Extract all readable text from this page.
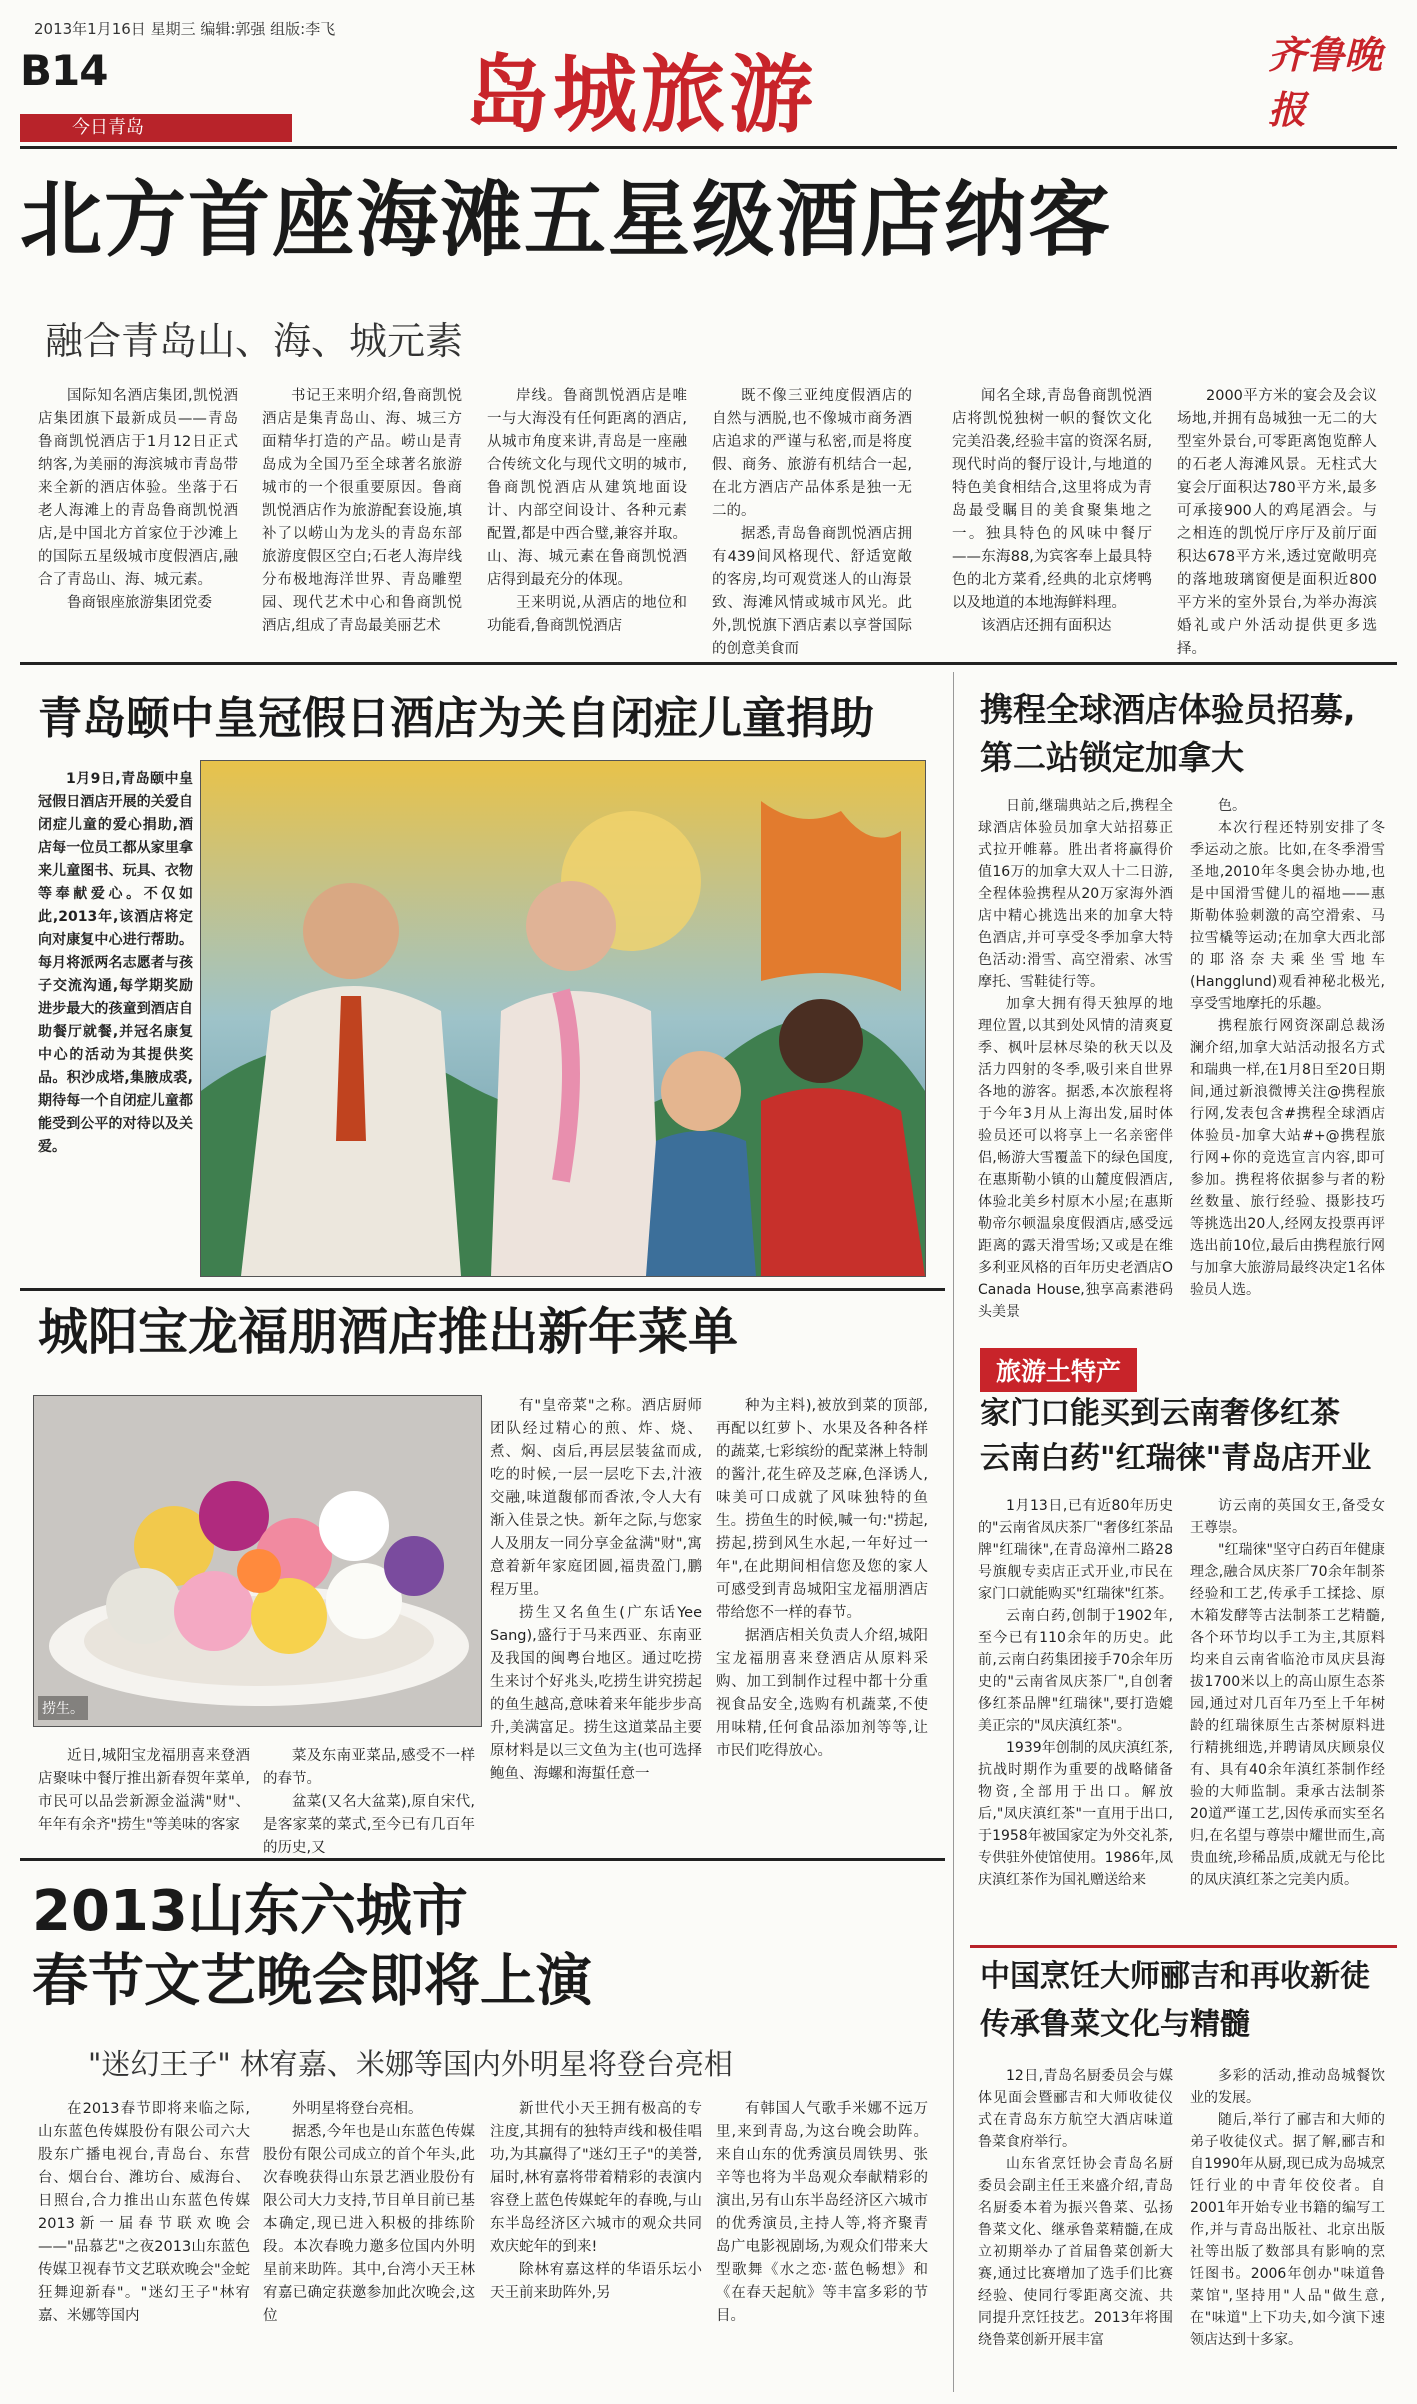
2013年1月16日 星期三 编辑:郭强 组版:李飞
B14
今日青岛	岛城旅游	齐鲁晚报
北方首座海滩五星级酒店纳客
融合青岛山、海、城元素
国际知名酒店集团,凯悦酒店集团旗下最新成员——青岛鲁商凯悦酒店于1月12日正式纳客,为美丽的海滨城市青岛带来全新的酒店体验。坐落于石老人海滩上的青岛鲁商凯悦酒店,是中国北方首家位于沙滩上的国际五星级城市度假酒店,融合了青岛山、海、城元素。
鲁商银座旅游集团党委
书记王来明介绍,鲁商凯悦酒店是集青岛山、海、城三方面精华打造的产品。崂山是青岛成为全国乃至全球著名旅游城市的一个很重要原因。鲁商凯悦酒店作为旅游配套设施,填补了以崂山为龙头的青岛东部旅游度假区空白;石老人海岸线分布极地海洋世界、青岛雕塑园、现代艺术中心和鲁商凯悦酒店,组成了青岛最美丽艺术
岸线。鲁商凯悦酒店是唯一与大海没有任何距离的酒店,从城市角度来讲,青岛是一座融合传统文化与现代文明的城市,鲁商凯悦酒店从建筑地面设计、内部空间设计、各种元素配置,都是中西合璧,兼容并取。山、海、城元素在鲁商凯悦酒店得到最充分的体现。
王来明说,从酒店的地位和功能看,鲁商凯悦酒店
既不像三亚纯度假酒店的自然与洒脱,也不像城市商务酒店追求的严谨与私密,而是将度假、商务、旅游有机结合一起,在北方酒店产品体系是独一无二的。
据悉,青岛鲁商凯悦酒店拥有439间风格现代、舒适宽敞的客房,均可观赏迷人的山海景致、海滩风情或城市风光。此外,凯悦旗下酒店素以享誉国际的创意美食而
闻名全球,青岛鲁商凯悦酒店将凯悦独树一帜的餐饮文化完美沿袭,经验丰富的资深名厨,现代时尚的餐厅设计,与地道的特色美食相结合,这里将成为青岛最受瞩目的美食聚集地之一。独具特色的风味中餐厅——东海88,为宾客奉上最具特色的北方菜肴,经典的北京烤鸭以及地道的本地海鲜料理。
该酒店还拥有面积达
2000平方米的宴会及会议场地,并拥有岛城独一无二的大型室外景台,可零距离饱览醉人的石老人海滩风景。无柱式大宴会厅面积达780平方米,最多可承接900人的鸡尾酒会。与之相连的凯悦厅序厅及前厅面积达678平方米,透过宽敞明亮的落地玻璃窗便是面积近800平方米的室外景台,为举办海滨婚礼或户外活动提供更多选择。
青岛颐中皇冠假日酒店为关自闭症儿童捐助
1月9日,青岛颐中皇冠假日酒店开展的关爱自闭症儿童的爱心捐助,酒店每一位员工都从家里拿来儿童图书、玩具、衣物等奉献爱心。不仅如此,2013年,该酒店将定向对康复中心进行帮助。每月将派两名志愿者与孩子交流沟通,每学期奖励进步最大的孩童到酒店自助餐厅就餐,并冠名康复中心的活动为其提供奖品。积沙成塔,集腋成裘,期待每一个自闭症儿童都能受到公平的对待以及关爱。
城阳宝龙福朋酒店推出新年菜单
捞生。
近日,城阳宝龙福朋喜来登酒店聚味中餐厅推出新春贺年菜单,市民可以品尝新源金溢满"财"、年年有余齐"捞生"等美味的客家
菜及东南亚菜品,感受不一样的春节。
盆菜(又名大盆菜),原自宋代,是客家菜的菜式,至今已有几百年的历史,又
有"皇帝菜"之称。酒店厨师团队经过精心的煎、炸、烧、煮、焖、卤后,再层层装盆而成,吃的时候,一层一层吃下去,汁液交融,味道馥郁而香浓,令人大有渐入佳景之快。新年之际,与您家人及朋友一同分享金盆满"财",寓意着新年家庭团圆,福贵盈门,鹏程万里。
捞生又名鱼生(广东话Yee Sang),盛行于马来西亚、东南亚及我国的闽粤台地区。通过吃捞生来讨个好兆头,吃捞生讲究捞起的鱼生越高,意味着来年能步步高升,美满富足。捞生这道菜品主要原材料是以三文鱼为主(也可选择鲍鱼、海螺和海蜇任意一
种为主料),被放到菜的顶部,再配以红萝卜、水果及各种各样的蔬菜,七彩缤纷的配菜淋上特制的酱汁,花生碎及芝麻,色泽诱人,味美可口成就了风味独特的鱼生。捞鱼生的时候,喊一句:"捞起,捞起,捞到风生水起,一年好过一年",在此期间相信您及您的家人可感受到青岛城阳宝龙福朋酒店带给您不一样的春节。
据酒店相关负责人介绍,城阳宝龙福朋喜来登酒店从原料采购、加工到制作过程中都十分重视食品安全,选购有机蔬菜,不使用味精,任何食品添加剂等等,让市民们吃得放心。
2013山东六城市
春节文艺晚会即将上演
"迷幻王子" 林宥嘉、米娜等国内外明星将登台亮相
在2013春节即将来临之际,山东蓝色传媒股份有限公司六大股东广播电视台,青岛台、东营台、烟台台、潍坊台、威海台、日照台,合力推出山东蓝色传媒2013新一届春节联欢晚会——"品慕艺"之夜2013山东蓝色传媒卫视春节文艺联欢晚会"金蛇狂舞迎新春"。"迷幻王子"林宥嘉、米娜等国内
外明星将登台亮相。
据悉,今年也是山东蓝色传媒股份有限公司成立的首个年头,此次春晚获得山东景艺酒业股份有限公司大力支持,节目单目前已基本确定,现已进入积极的排练阶段。本次春晚力邀多位国内外明星前来助阵。其中,台湾小天王林宥嘉已确定获邀参加此次晚会,这位
新世代小天王拥有极高的专注度,其拥有的独特声线和极佳唱功,为其赢得了"迷幻王子"的美誉,届时,林宥嘉将带着精彩的表演内容登上蓝色传媒蛇年的春晚,与山东半岛经济区六城市的观众共同欢庆蛇年的到来!
除林宥嘉这样的华语乐坛小天王前来助阵外,另
有韩国人气歌手米娜不远万里,来到青岛,为这台晚会助阵。来自山东的优秀演员周铁男、张辛等也将为半岛观众奉献精彩的演出,另有山东半岛经济区六城市的优秀演员,主持人等,将齐聚青岛广电影视剧场,为观众们带来大型歌舞《水之恋·蓝色畅想》和《在春天起航》等丰富多彩的节目。
携程全球酒店体验员招募,
第二站锁定加拿大
日前,继瑞典站之后,携程全球酒店体验员加拿大站招募正式拉开帷幕。胜出者将赢得价值16万的加拿大双人十二日游,全程体验携程从20万家海外酒店中精心挑选出来的加拿大特色酒店,并可享受冬季加拿大特色活动:滑雪、高空滑索、冰雪摩托、雪鞋徒行等。
加拿大拥有得天独厚的地理位置,以其到处风情的清爽夏季、枫叶层林尽染的秋天以及活力四射的冬季,吸引来自世界各地的游客。据悉,本次旅程将于今年3月从上海出发,届时体验员还可以将享上一名亲密伴侣,畅游大雪覆盖下的绿色国度,在惠斯勒小镇的山麓度假酒店,体验北美乡村原木小屋;在惠斯勒帝尔顿温泉度假酒店,感受远距离的露天滑雪场;又或是在维多利亚风格的百年历史老酒店O Canada House,独享高素港码头美景
色。
本次行程还特别安排了冬季运动之旅。比如,在冬季滑雪圣地,2010年冬奥会协办地,也是中国滑雪健儿的福地——惠斯勒体验刺激的高空滑索、马拉雪橇等运动;在加拿大西北部的耶洛奈夫乘坐雪地车(Hangglund)观看神秘北极光,享受雪地摩托的乐趣。
携程旅行网资深副总裁汤澜介绍,加拿大站活动报名方式和瑞典一样,在1月8日至20日期间,通过新浪微博关注@携程旅行网,发表包含#携程全球酒店体验员-加拿大站#+@携程旅行网+你的竞选宣言内容,即可参加。携程将依据参与者的粉丝数量、旅行经验、摄影技巧等挑选出20人,经网友投票再评选出前10位,最后由携程旅行网与加拿大旅游局最终决定1名体验员人选。
旅游土特产
家门口能买到云南奢侈红茶
云南白药"红瑞徕"青岛店开业
1月13日,已有近80年历史的"云南省凤庆茶厂"奢侈红茶品牌"红瑞徕",在青岛漳州二路28号旗舰专卖店正式开业,市民在家门口就能购买"红瑞徕"红茶。
云南白药,创制于1902年,至今已有110余年的历史。此前,云南白药集团接手70余年历史的"云南省凤庆茶厂",自创奢侈红茶品牌"红瑞徕",要打造媲美正宗的"凤庆滇红茶"。
1939年创制的凤庆滇红茶,抗战时期作为重要的战略储备物资,全部用于出口。解放后,"凤庆滇红茶"一直用于出口,于1958年被国家定为外交礼茶,专供驻外使馆使用。1986年,凤庆滇红茶作为国礼赠送给来
访云南的英国女王,备受女王尊崇。
"红瑞徕"坚守白药百年健康理念,融合凤庆茶厂70余年制茶经验和工艺,传承手工揉捻、原木箱发酵等古法制茶工艺精髓,各个环节均以手工为主,其原料均来自云南省临沧市凤庆县海拔1700米以上的高山原生态茶园,通过对几百年乃至上千年树龄的红瑞徕原生古茶树原料进行精挑细选,并聘请凤庆顾泉仪有、具有40余年滇红茶制作经验的大师监制。秉承古法制茶20道严谨工艺,因传承而实至名归,在名望与尊崇中耀世而生,高贵血统,珍稀品质,成就无与伦比的凤庆滇红茶之完美内质。
中国烹饪大师郦吉和再收新徒
传承鲁菜文化与精髓
12日,青岛名厨委员会与媒体见面会暨郦吉和大师收徒仪式在青岛东方航空大酒店味道鲁菜食府举行。
山东省烹饪协会青岛名厨委员会副主任王来盛介绍,青岛名厨委本着为振兴鲁菜、弘扬鲁菜文化、继承鲁菜精髓,在成立初期举办了首届鲁菜创新大赛,通过比赛增加了选手们比赛经验、使同行零距离交流、共同提升烹饪技艺。2013年将围绕鲁菜创新开展丰富
多彩的活动,推动岛城餐饮业的发展。
随后,举行了郦吉和大师的弟子收徒仪式。据了解,郦吉和自1990年从厨,现已成为岛城烹饪行业的中青年佼佼者。自2001年开始专业书籍的编写工作,并与青岛出版社、北京出版社等出版了数部具有影响的烹饪图书。2006年创办"味道鲁菜馆",坚持用"人品"做生意,在"味道"上下功夫,如今演下速领店达到十多家。
